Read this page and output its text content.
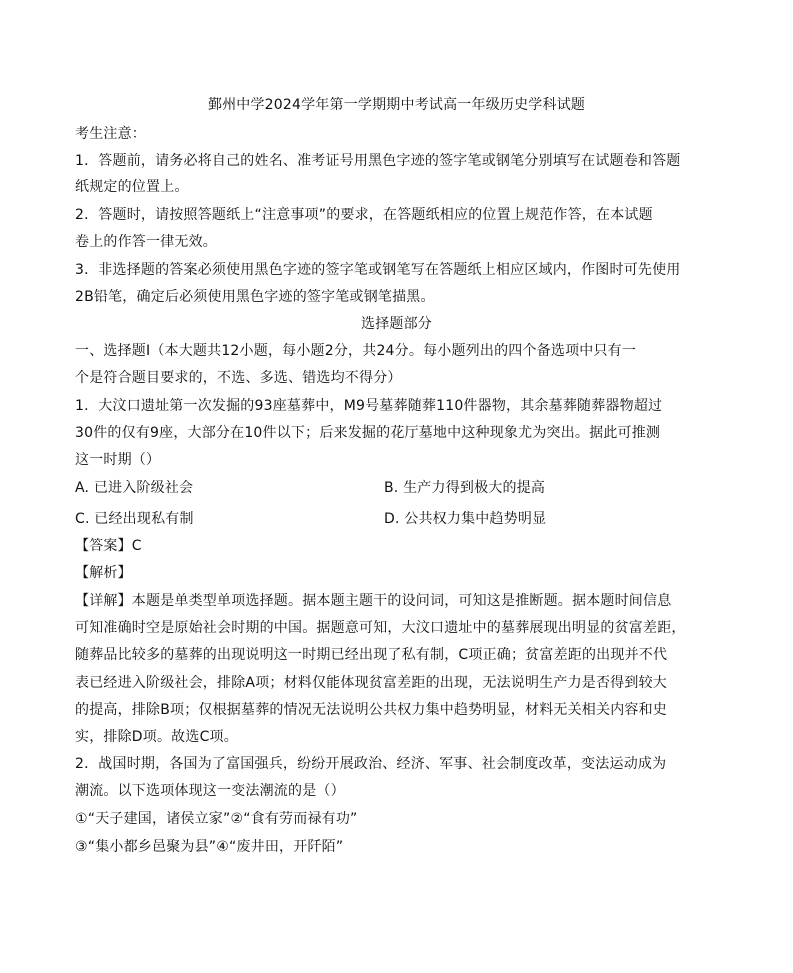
鄞州中学2024学年第一学期期中考试高一年级历史学科试题
考生注意：
1．答题前，请务必将自己的姓名、准考证号用黑色字迹的签字笔或钢笔分别填写在试题卷和答题
纸规定的位置上。
2．答题时，请按照答题纸上“注意事项”的要求，在答题纸相应的位置上规范作答，在本试题
卷上的作答一律无效。
3．非选择题的答案必须使用黑色字迹的签字笔或钢笔写在答题纸上相应区域内，作图时可先使用
2B铅笔，确定后必须使用黑色字迹的签字笔或钢笔描黑。
选择题部分
一、选择题Ⅰ（本大题共12小题，每小题2分，共24分。每小题列出的四个备选项中只有一
个是符合题目要求的，不选、多选、错选均不得分）
1．大汶口遗址第一次发掘的93座墓葬中，M9号墓葬随葬110件器物，其余墓葬随葬器物超过
30件的仅有9座，大部分在10件以下；后来发掘的花厅墓地中这种现象尤为突出。据此可推测
这一时期（）
A. 已进入阶级社会	B. 生产力得到极大的提高
C. 已经出现私有制	D. 公共权力集中趋势明显
【答案】C
【解析】
【详解】本题是单类型单项选择题。据本题主题干的设问词，可知这是推断题。据本题时间信息
可知准确时空是原始社会时期的中国。据题意可知，大汶口遗址中的墓葬展现出明显的贫富差距，
随葬品比较多的墓葬的出现说明这一时期已经出现了私有制，C项正确；贫富差距的出现并不代
表已经进入阶级社会，排除A项；材料仅能体现贫富差距的出现，无法说明生产力是否得到较大
的提高，排除B项；仅根据墓葬的情况无法说明公共权力集中趋势明显，材料无关相关内容和史
实，排除D项。故选C项。
2．战国时期，各国为了富国强兵，纷纷开展政治、经济、军事、社会制度改革，变法运动成为
潮流。以下选项体现这一变法潮流的是（）
①“天子建国，诸侯立家”②“食有劳而禄有功”
③“集小都乡邑聚为县”④“废井田，开阡陌”
